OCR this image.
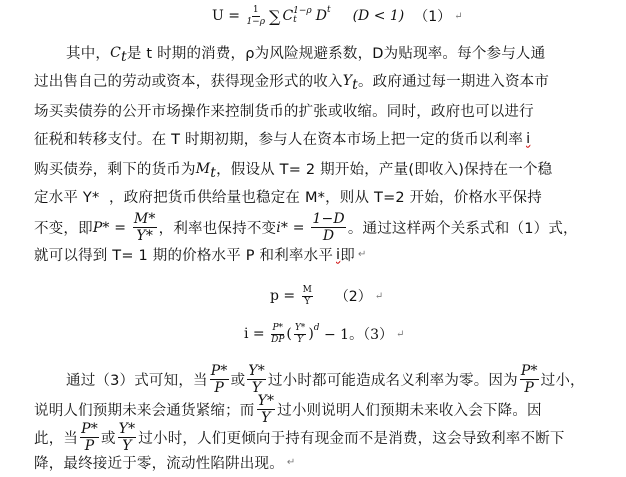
$U = \frac{1}{1-\rho}$ ∑ C 1−ρ
t	D t (D < 1) （1） ↵
其中， C t 是 t 时期的消费，ρ为风险规避系数，D为贴现率。每个参与人通
过出售自己的劳动或资本，获得现金形式的收入 Y t 。政府通过每一期进入资本市
场买卖债券的公开市场操作来控制货币的扩张或收缩。同时，政府也可以进行
征税和转移支付。在 T 时期初期，参与人在资本市场上把一定的货币以利率 i
购买债券，剩下的货币为 M t ，假设从 T= 2 期开始，产量(即收入)保持在一个稳
定水平 Y*  ，政府把货币供给量也稳定在 M*，则从 T=2 开始，价格水平保持
不变，即 $P* = \frac{M*}{Y*}$ ，利率也保持不变 $i* = \frac{1-D}{D}$ 。通过这样两个关系式和（1）式，
就可以得到 T= 1 期的价格水平 P 和利率水平 i 即 ↵
$p = \frac{M}{Y} (2)$ ↵
$i = \frac{P*}{DP}$ ( $\frac{Y*}{Y}$ ) d − 1。（3） ↵
通过（3）式可知，当 $\frac{P*}{P}$ 或 $\frac{Y*}{Y}$ 过小时都可能造成名义利率为零。因为 $\frac{P*}{P}$ 过小，
说明人们预期未来会通货紧缩；而 $\frac{Y*}{Y}$ 过小则说明人们预期未来收入会下降。因
此，当 $\frac{P*}{P}$ 或 $\frac{Y*}{Y}$ 过小时，人们更倾向于持有现金而不是消费，这会导致利率不断下
降，最终接近于零，流动性陷阱出现。 ↵
